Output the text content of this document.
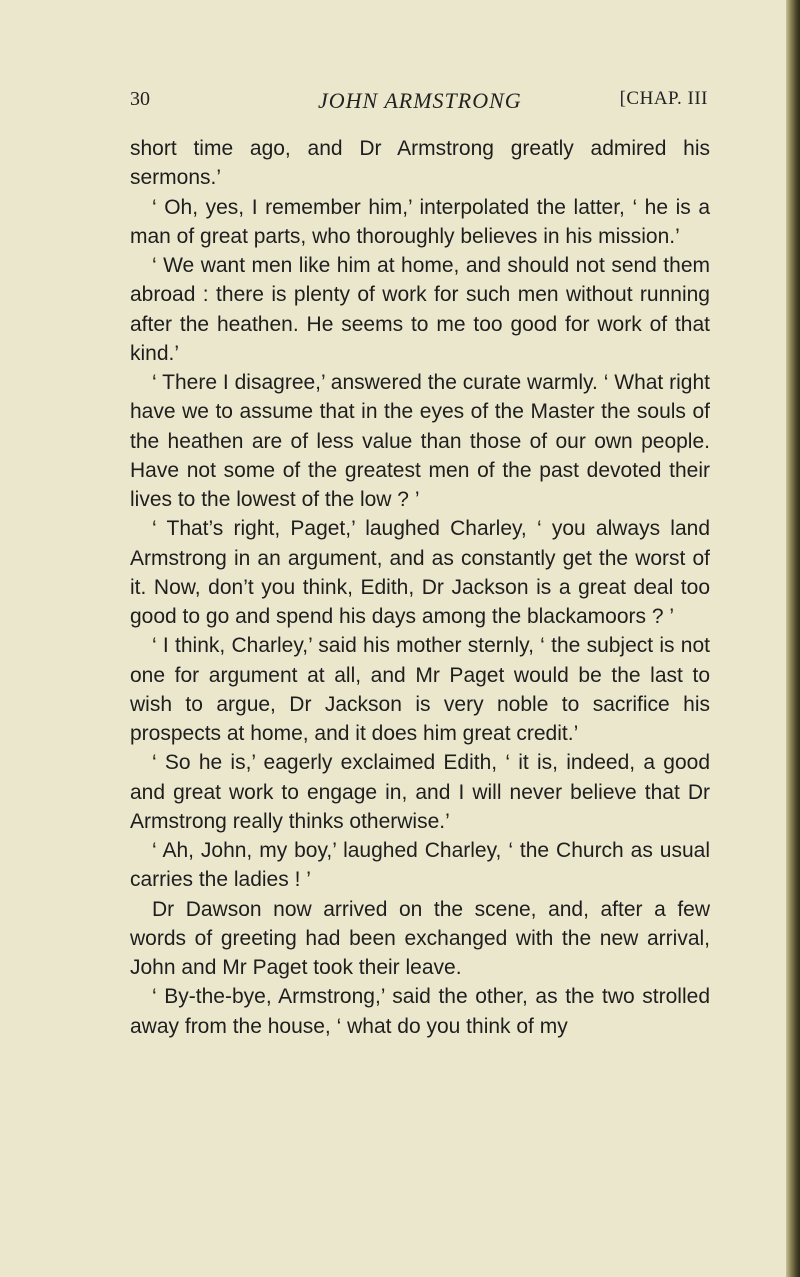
30	JOHN ARMSTRONG	[CHAP. III

short time ago, and Dr Armstrong greatly admired his sermons.’

‘ Oh, yes, I remember him,’ interpolated the latter, ‘ he is a man of great parts, who thoroughly believes in his mission.’

‘ We want men like him at home, and should not send them abroad : there is plenty of work for such men without running after the heathen. He seems to me too good for work of that kind.’

‘ There I disagree,’ answered the curate warmly. ‘ What right have we to assume that in the eyes of the Master the souls of the heathen are of less value than those of our own people. Have not some of the greatest men of the past devoted their lives to the lowest of the low ? ’

‘ That’s right, Paget,’ laughed Charley, ‘ you always land Armstrong in an argument, and as constantly get the worst of it. Now, don’t you think, Edith, Dr Jackson is a great deal too good to go and spend his days among the blackamoors ? ’

‘ I think, Charley,’ said his mother sternly, ‘ the subject is not one for argument at all, and Mr Paget would be the last to wish to argue, Dr Jackson is very noble to sacrifice his prospects at home, and it does him great credit.’

‘ So he is,’ eagerly exclaimed Edith, ‘ it is, indeed, a good and great work to engage in, and I will never believe that Dr Armstrong really thinks otherwise.’

‘ Ah, John, my boy,’ laughed Charley, ‘ the Church as usual carries the ladies ! ’

Dr Dawson now arrived on the scene, and, after a few words of greeting had been exchanged with the new arrival, John and Mr Paget took their leave.

‘ By-the-bye, Armstrong,’ said the other, as the two strolled away from the house, ‘ what do you think of my
